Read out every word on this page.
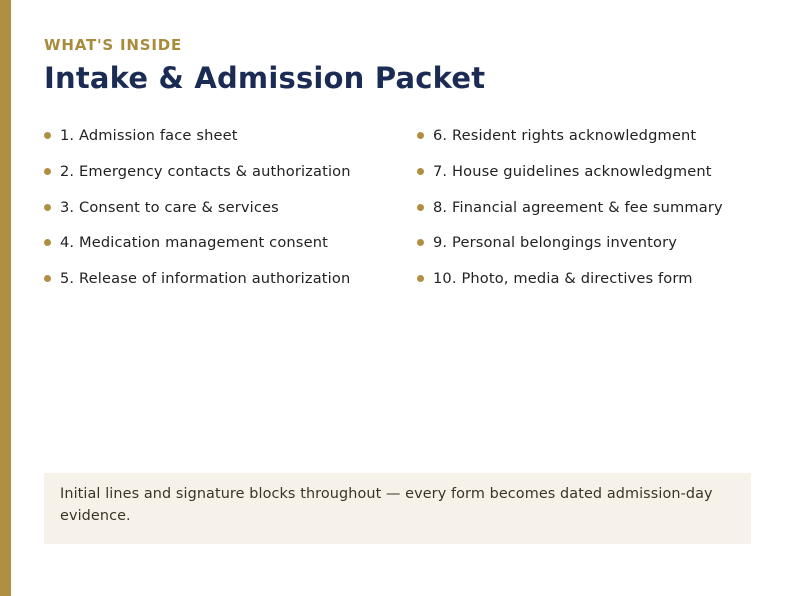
WHAT'S INSIDE
Intake & Admission Packet
1. Admission face sheet
2. Emergency contacts & authorization
3. Consent to care & services
4. Medication management consent
5. Release of information authorization
6. Resident rights acknowledgment
7. House guidelines acknowledgment
8. Financial agreement & fee summary
9. Personal belongings inventory
10. Photo, media & directives form
Initial lines and signature blocks throughout — every form becomes dated admission-day evidence.
